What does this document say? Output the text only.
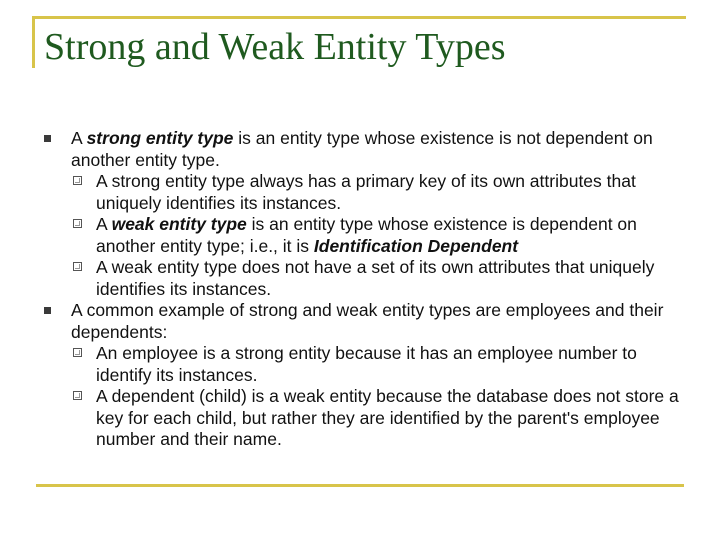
Strong and Weak Entity Types
A strong entity type is an entity type whose existence is not dependent on another entity type.
A strong entity type always has a primary key of its own attributes that uniquely identifies its instances.
A weak entity type is an entity type whose existence is dependent on another entity type; i.e., it is Identification Dependent
A weak entity type does not have a set of its own attributes that uniquely identifies its instances.
A common example of strong and weak entity types are employees and their dependents:
An employee is a strong entity because it has an employee number to identify its instances.
A dependent (child) is a weak entity because the database does not store a key for each child, but rather they are identified by the parent's employee number and their name.
